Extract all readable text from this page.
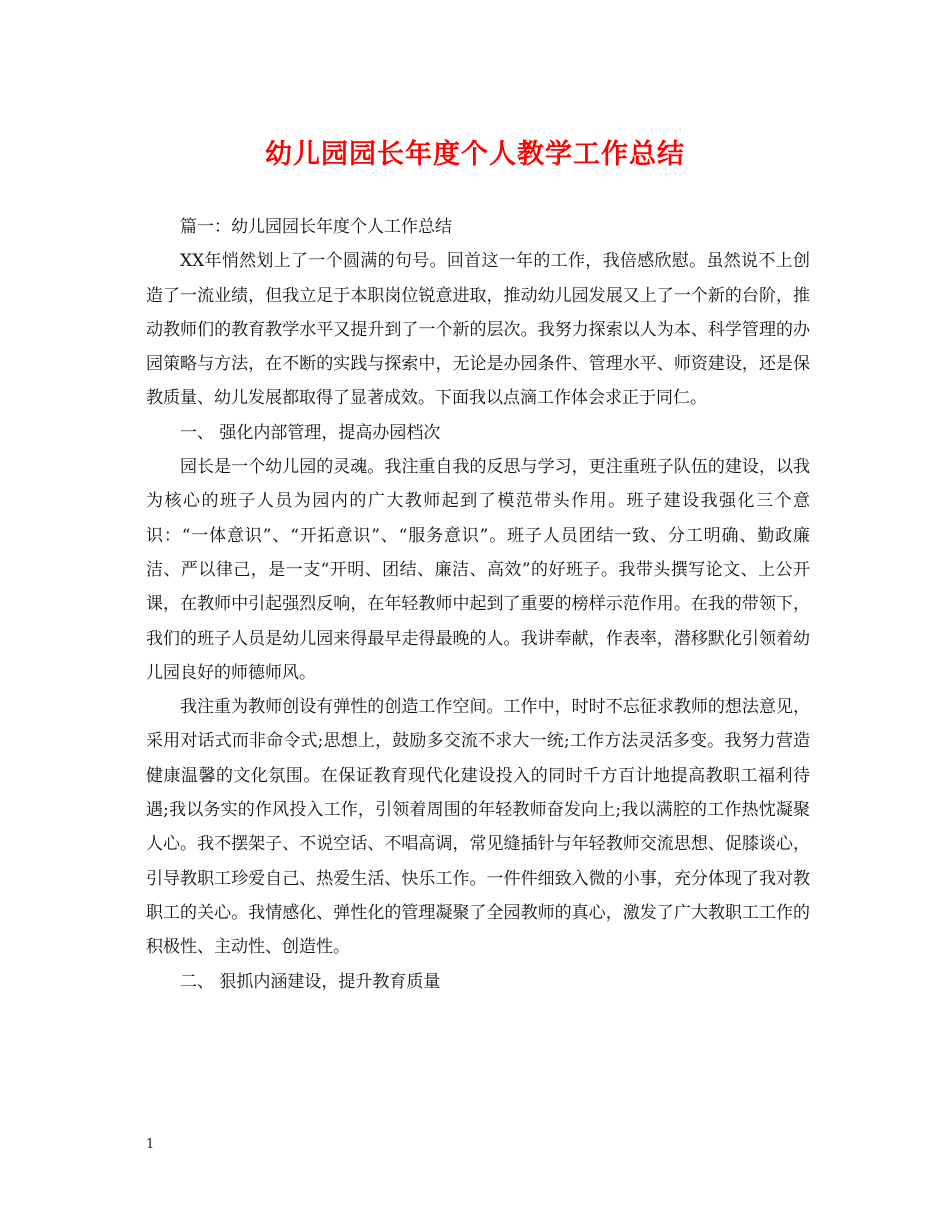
幼儿园园长年度个人教学工作总结

篇一：幼儿园园长年度个人工作总结

XX年悄然划上了一个圆满的句号。回首这一年的工作，我倍感欣慰。虽然说不上创造了一流业绩，但我立足于本职岗位锐意进取，推动幼儿园发展又上了一个新的台阶，推动教师们的教育教学水平又提升到了一个新的层次。我努力探索以人为本、科学管理的办园策略与方法，在不断的实践与探索中，无论是办园条件、管理水平、师资建设，还是保教质量、幼儿发展都取得了显著成效。下面我以点滴工作体会求正于同仁。

一、 强化内部管理，提高办园档次

园长是一个幼儿园的灵魂。我注重自我的反思与学习，更注重班子队伍的建设，以我为核心的班子人员为园内的广大教师起到了模范带头作用。班子建设我强化三个意识：“一体意识”、“开拓意识”、“服务意识”。班子人员团结一致、分工明确、勤政廉洁、严以律己，是一支“开明、团结、廉洁、高效”的好班子。我带头撰写论文、上公开课，在教师中引起强烈反响，在年轻教师中起到了重要的榜样示范作用。在我的带领下，我们的班子人员是幼儿园来得最早走得最晚的人。我讲奉献，作表率，潜移默化引领着幼儿园良好的师德师风。

我注重为教师创设有弹性的创造工作空间。工作中，时时不忘征求教师的想法意见，采用对话式而非命令式;思想上，鼓励多交流不求大一统;工作方法灵活多变。我努力营造健康温馨的文化氛围。在保证教育现代化建设投入的同时千方百计地提高教职工福利待遇;我以务实的作风投入工作，引领着周围的年轻教师奋发向上;我以满腔的工作热忱凝聚人心。我不摆架子、不说空话、不唱高调，常见缝插针与年轻教师交流思想、促膝谈心，引导教职工珍爱自己、热爱生活、快乐工作。一件件细致入微的小事，充分体现了我对教职工的关心。我情感化、弹性化的管理凝聚了全园教师的真心，激发了广大教职工工作的积极性、主动性、创造性。

二、 狠抓内涵建设，提升教育质量

1
